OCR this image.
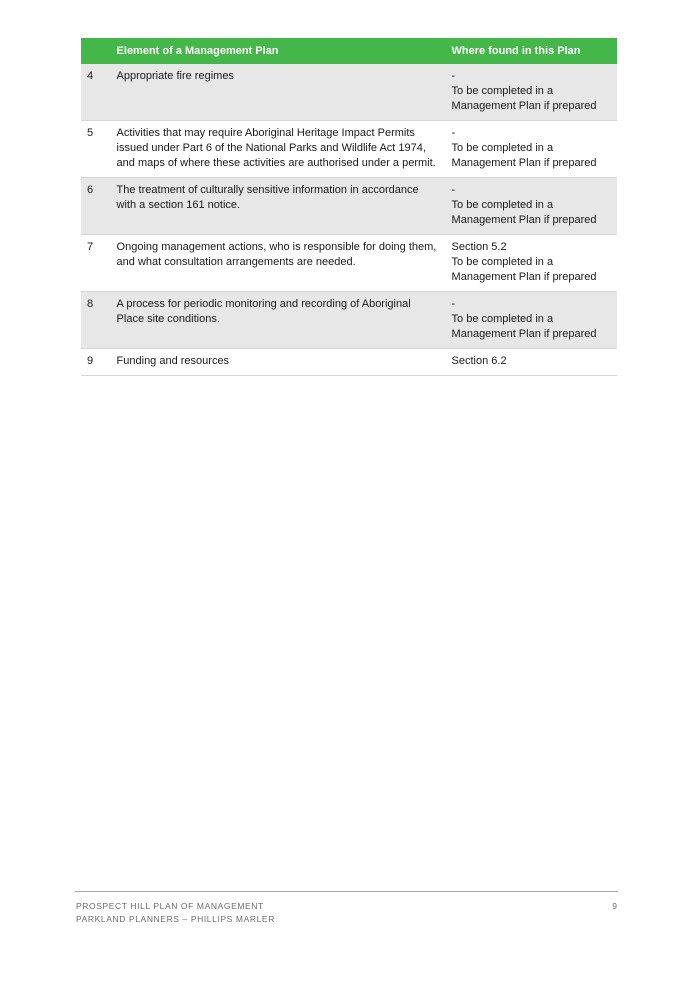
	Element of a Management Plan	Where found in this Plan
4	Appropriate fire regimes	-
To be completed in a
Management Plan if prepared

5	Activities that may require Aboriginal Heritage Impact Permits
issued under Part 6 of the National Parks and Wildlife Act 1974,
and maps of where these activities are authorised under a permit.	-
To be completed in a
Management Plan if prepared

6	The treatment of culturally sensitive information in accordance
with a section 161 notice.	-
To be completed in a
Management Plan if prepared

7	Ongoing management actions, who is responsible for doing them,
and what consultation arrangements are needed.	Section 5.2
To be completed in a
Management Plan if prepared

8	A process for periodic monitoring and recording of Aboriginal
Place site conditions.	-
To be completed in a
Management Plan if prepared

9	Funding and resources	Section 6.2
PROSPECT HILL PLAN OF MANAGEMENT
PARKLAND PLANNERS – PHILLIPS MARLER
9
